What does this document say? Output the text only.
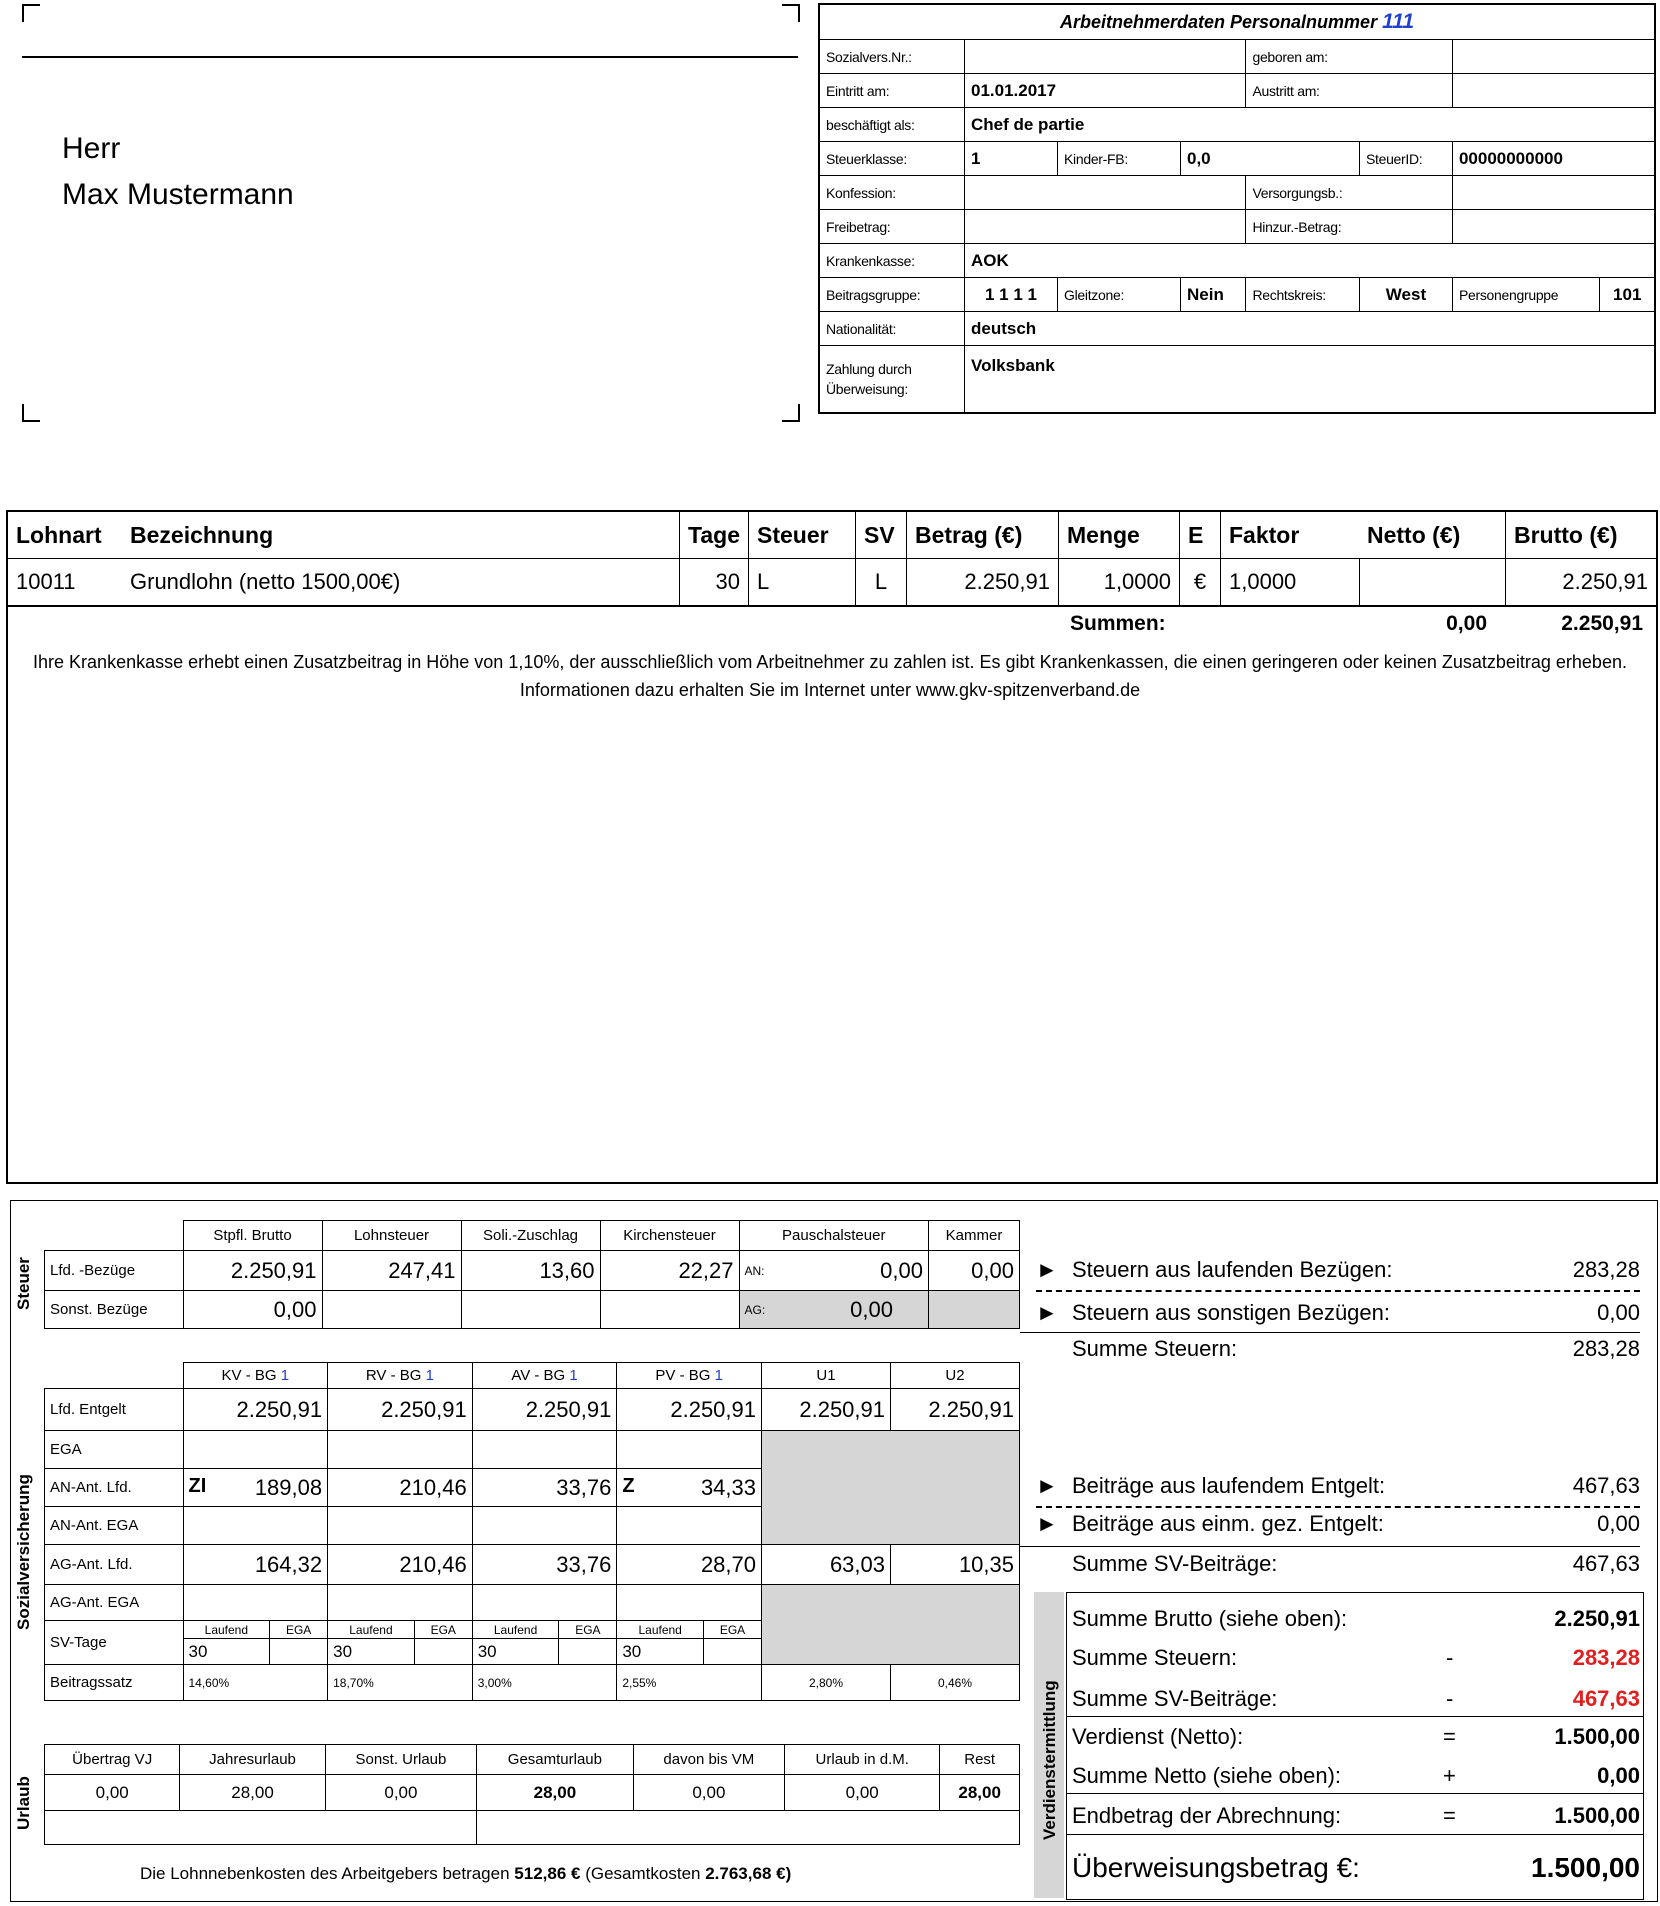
Herr
Max Mustermann
Arbeitnehmerdaten Personalnummer 111							
Sozialvers.Nr.:				geboren am:			
Eintritt am:	01.01.2017			Austritt am:			
beschäftigt als:	Chef de partie						
Steuerklasse:	1	Kinder-FB:	0,0		SteuerID:	00000000000	
Konfession:				Versorgungsb.:			
Freibetrag:				Hinzur.-Betrag:			
Krankenkasse:	AOK						
Beitragsgruppe:	1 1 1 1	Gleitzone:	Nein	Rechtskreis:	West	Personengruppe	101
Nationalität:	deutsch						

Zahlung durch
Überweisung:	Volksbank						
Lohnart	Bezeichnung	Tage	Steuer	SV	Betrag (€)	Menge	E	Faktor	Netto (€)	Brutto (€)
10011	Grundlohn (netto 1500,00€)	30	L	L	2.250,91	1,0000	€	1,0000		2.250,91
Summen:	0,00	2.250,91
Ihre Krankenkasse erhebt einen Zusatzbeitrag in Höhe von 1,10%, der ausschließlich vom Arbeitnehmer zu zahlen ist. Es gibt Krankenkassen, die einen geringeren oder keinen Zusatzbeitrag erheben. Informationen dazu erhalten Sie im Internet unter www.gkv-spitzenverband.de
Steuer
	Stpfl. Brutto	Lohnsteuer	Soli.-Zuschlag	Kirchensteuer	Pauschalsteuer		Kammer
Lfd. -Bezüge	2.250,91	247,41	13,60	22,27	AN:	0,00	0,00
Sonst. Bezüge	0,00				AG:	0,00	
Sozialversicherung
	KV - BG 1		RV - BG 1		AV - BG 1		PV - BG 1		U1	U2
Lfd. Entgelt	2.250,91		2.250,91		2.250,91		2.250,91		2.250,91	2.250,91
EGA										
AN-Ant. Lfd.	ZI 189,08		210,46		33,76		Z 34,33			
AN-Ant. EGA										
AG-Ant. Lfd.	164,32		210,46		33,76		28,70		63,03	10,35
AG-Ant. EGA										
SV-Tage	Laufend	EGA	Laufend	EGA	Laufend	EGA	Laufend	EGA		
	30		30		30		30			
Beitragssatz	14,60%		18,70%		3,00%		2,55%		2,80%	0,46%
Urlaub
Übertrag VJ	Jahresurlaub	Sonst. Urlaub	Gesamturlaub	davon bis VM	Urlaub in d.M.	Rest
0,00	28,00	0,00	28,00	0,00	0,00	28,00

Die Lohnnebenkosten des Arbeitgebers betragen 512,86 € (Gesamtkosten 2.763,68 €)
► Steuern aus laufenden Bezügen:	283,28
► Steuern aus sonstigen Bezügen:	0,00
Summe Steuern:	283,28
► Beiträge aus laufendem Entgelt:	467,63
► Beiträge aus einm. gez. Entgelt:	0,00
Summe SV-Beiträge:	467,63
Verdienstermittlung
Summe Brutto (siehe oben):	2.250,91
Summe Steuern:	-	283,28
Summe SV-Beiträge:	-	467,63
Verdienst (Netto):	=	1.500,00
Summe Netto (siehe oben):	+	0,00
Endbetrag der Abrechnung:	=	1.500,00
Überweisungsbetrag €:	1.500,00
